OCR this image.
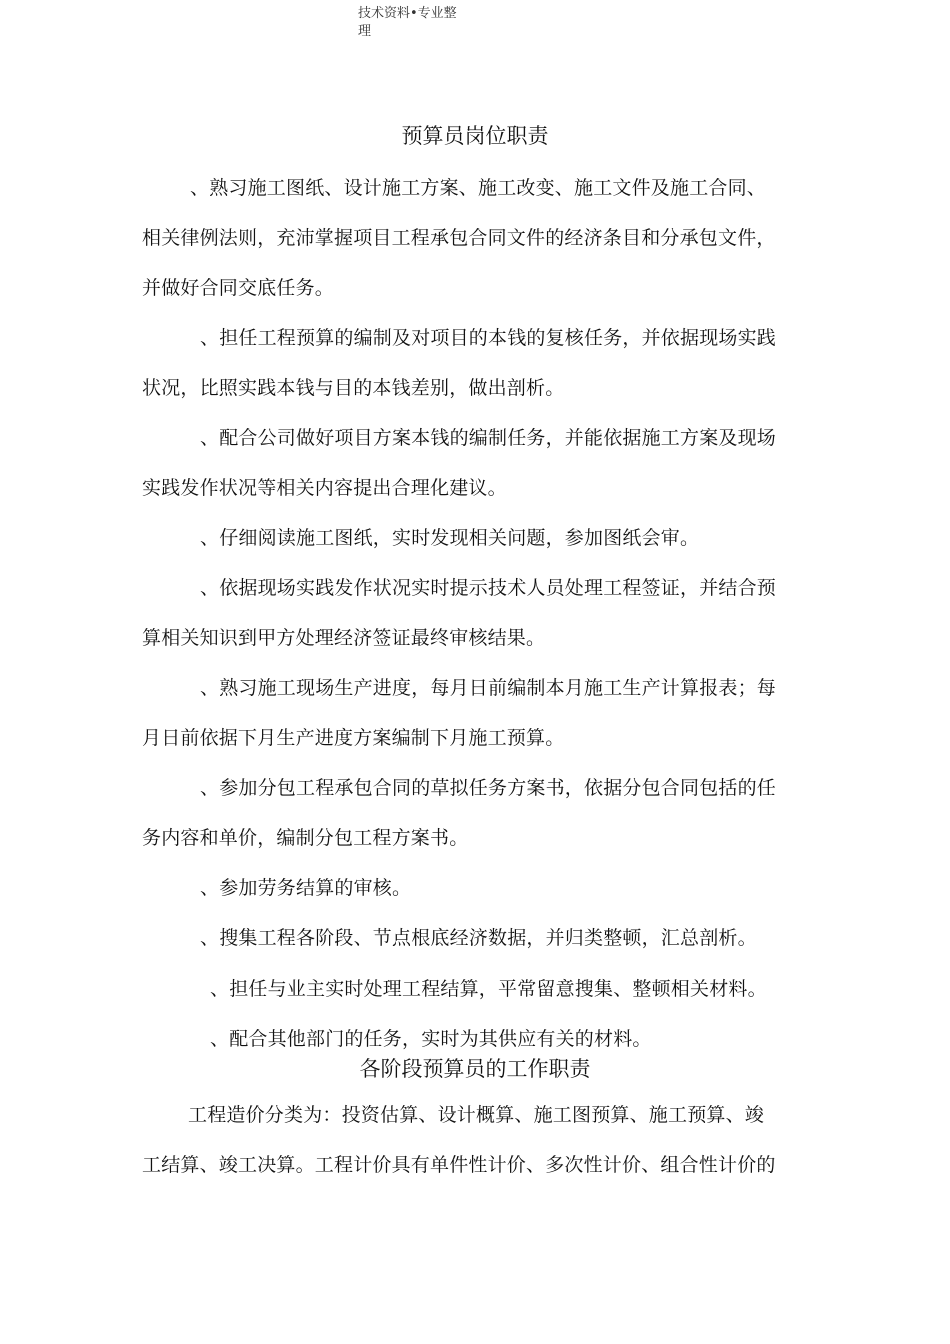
技术资料•专业整理
预算员岗位职责
、熟习施工图纸、设计施工方案、施工改变、施工文件及施工合同、
相关律例法则，充沛掌握项目工程承包合同文件的经济条目和分承包文件，
并做好合同交底任务。
、担任工程预算的编制及对项目的本钱的复核任务，并依据现场实践
状况，比照实践本钱与目的本钱差别，做出剖析。
、配合公司做好项目方案本钱的编制任务，并能依据施工方案及现场
实践发作状况等相关内容提出合理化建议。
、仔细阅读施工图纸，实时发现相关问题，参加图纸会审。
、依据现场实践发作状况实时提示技术人员处理工程签证，并结合预
算相关知识到甲方处理经济签证最终审核结果。
、熟习施工现场生产进度，每月日前编制本月施工生产计算报表；每
月日前依据下月生产进度方案编制下月施工预算。
、参加分包工程承包合同的草拟任务方案书，依据分包合同包括的任
务内容和单价，编制分包工程方案书。
、参加劳务结算的审核。
、搜集工程各阶段、节点根底经济数据，并归类整顿，汇总剖析。
、担任与业主实时处理工程结算，平常留意搜集、整顿相关材料。
、配合其他部门的任务，实时为其供应有关的材料。
各阶段预算员的工作职责
工程造价分类为：投资估算、设计概算、施工图预算、施工预算、竣
工结算、竣工决算。工程计价具有单件性计价、多次性计价、组合性计价的
